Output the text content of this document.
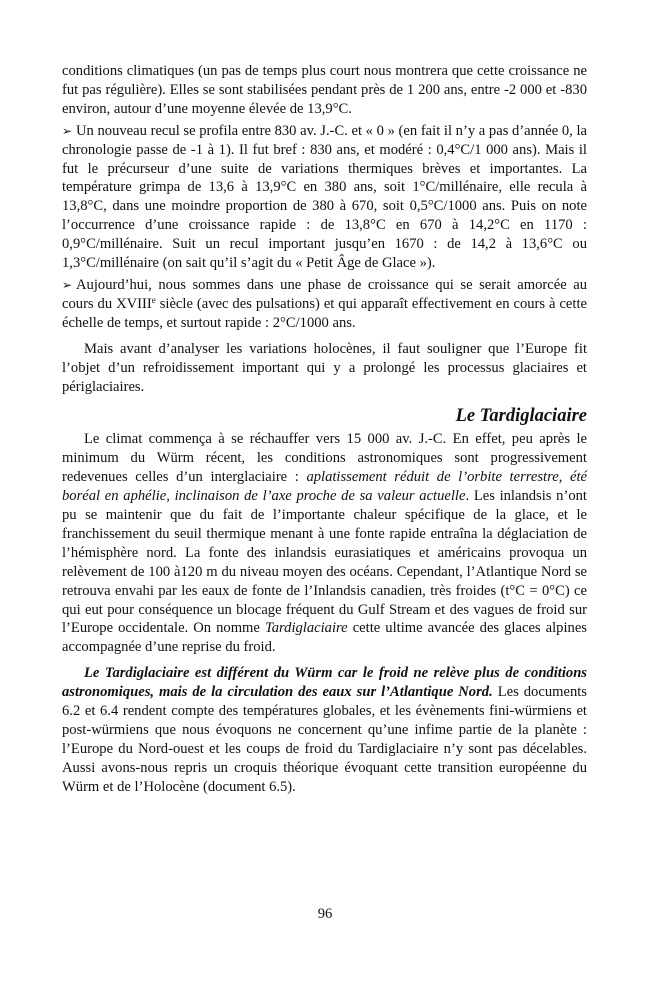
conditions climatiques (un pas de temps plus court nous montrera que cette croissance ne fut pas régulière). Elles se sont stabilisées pendant près de 1 200 ans, entre -2 000 et -830 environ, autour d’une moyenne élevée de 13,9°C.

➢ Un nouveau recul se profila entre 830 av. J.-C. et « 0 » (en fait il n’y a pas d’année 0, la chronologie passe de -1 à 1). Il fut bref : 830 ans, et modéré : 0,4°C/1 000 ans). Mais il fut le précurseur d’une suite de variations thermiques brèves et importantes. La température grimpa de 13,6 à 13,9°C en 380 ans, soit 1°C/millénaire, elle recula à 13,8°C, dans une moindre proportion de 380 à 670, soit 0,5°C/1000 ans. Puis on note l’occurrence d’une croissance rapide : de 13,8°C en 670 à 14,2°C en 1170 : 0,9°C/millénaire. Suit un recul important jusqu’en 1670 : de 14,2 à 13,6°C ou 1,3°C/millénaire (on sait qu’il s’agit du « Petit Âge de Glace »).

➢ Aujourd’hui, nous sommes dans une phase de croissance qui se serait amorcée au cours du XVIIIe siècle (avec des pulsations) et qui apparaît effectivement en cours à cette échelle de temps, et surtout rapide : 2°C/1000 ans.

Mais avant d’analyser les variations holocènes, il faut souligner que l’Europe fit l’objet d’un refroidissement important qui y a prolongé les processus glaciaires et périglaciaires.

Le Tardiglaciaire

Le climat commença à se réchauffer vers 15 000 av. J.-C. En effet, peu après le minimum du Würm récent, les conditions astronomiques sont progressivement redevenues celles d’un interglaciaire : aplatissement réduit de l’orbite terrestre, été boréal en aphélie, inclinaison de l’axe proche de sa valeur actuelle. Les inlandsis n’ont pu se maintenir que du fait de l’importante chaleur spécifique de la glace, et le franchissement du seuil thermique menant à une fonte rapide entraîna la déglaciation de l’hémisphère nord. La fonte des inlandsis eurasiatiques et américains provoqua un relèvement de 100 à120 m du niveau moyen des océans. Cependant, l’Atlantique Nord se retrouva envahi par les eaux de fonte de l’Inlandsis canadien, très froides (t°C = 0°C) ce qui eut pour conséquence un blocage fréquent du Gulf Stream et des vagues de froid sur l’Europe occidentale. On nomme Tardiglaciaire cette ultime avancée des glaces alpines accompagnée d’une reprise du froid.

Le Tardiglaciaire est différent du Würm car le froid ne relève plus de conditions astronomiques, mais de la circulation des eaux sur l’Atlantique Nord. Les documents 6.2 et 6.4 rendent compte des températures globales, et les évènements fini-würmiens et post-würmiens que nous évoquons ne concernent qu’une infime partie de la planète : l’Europe du Nord-ouest et les coups de froid du Tardiglaciaire n’y sont pas décelables. Aussi avons-nous repris un croquis théorique évoquant cette transition européenne du Würm et de l’Holocène (document 6.5).

96
